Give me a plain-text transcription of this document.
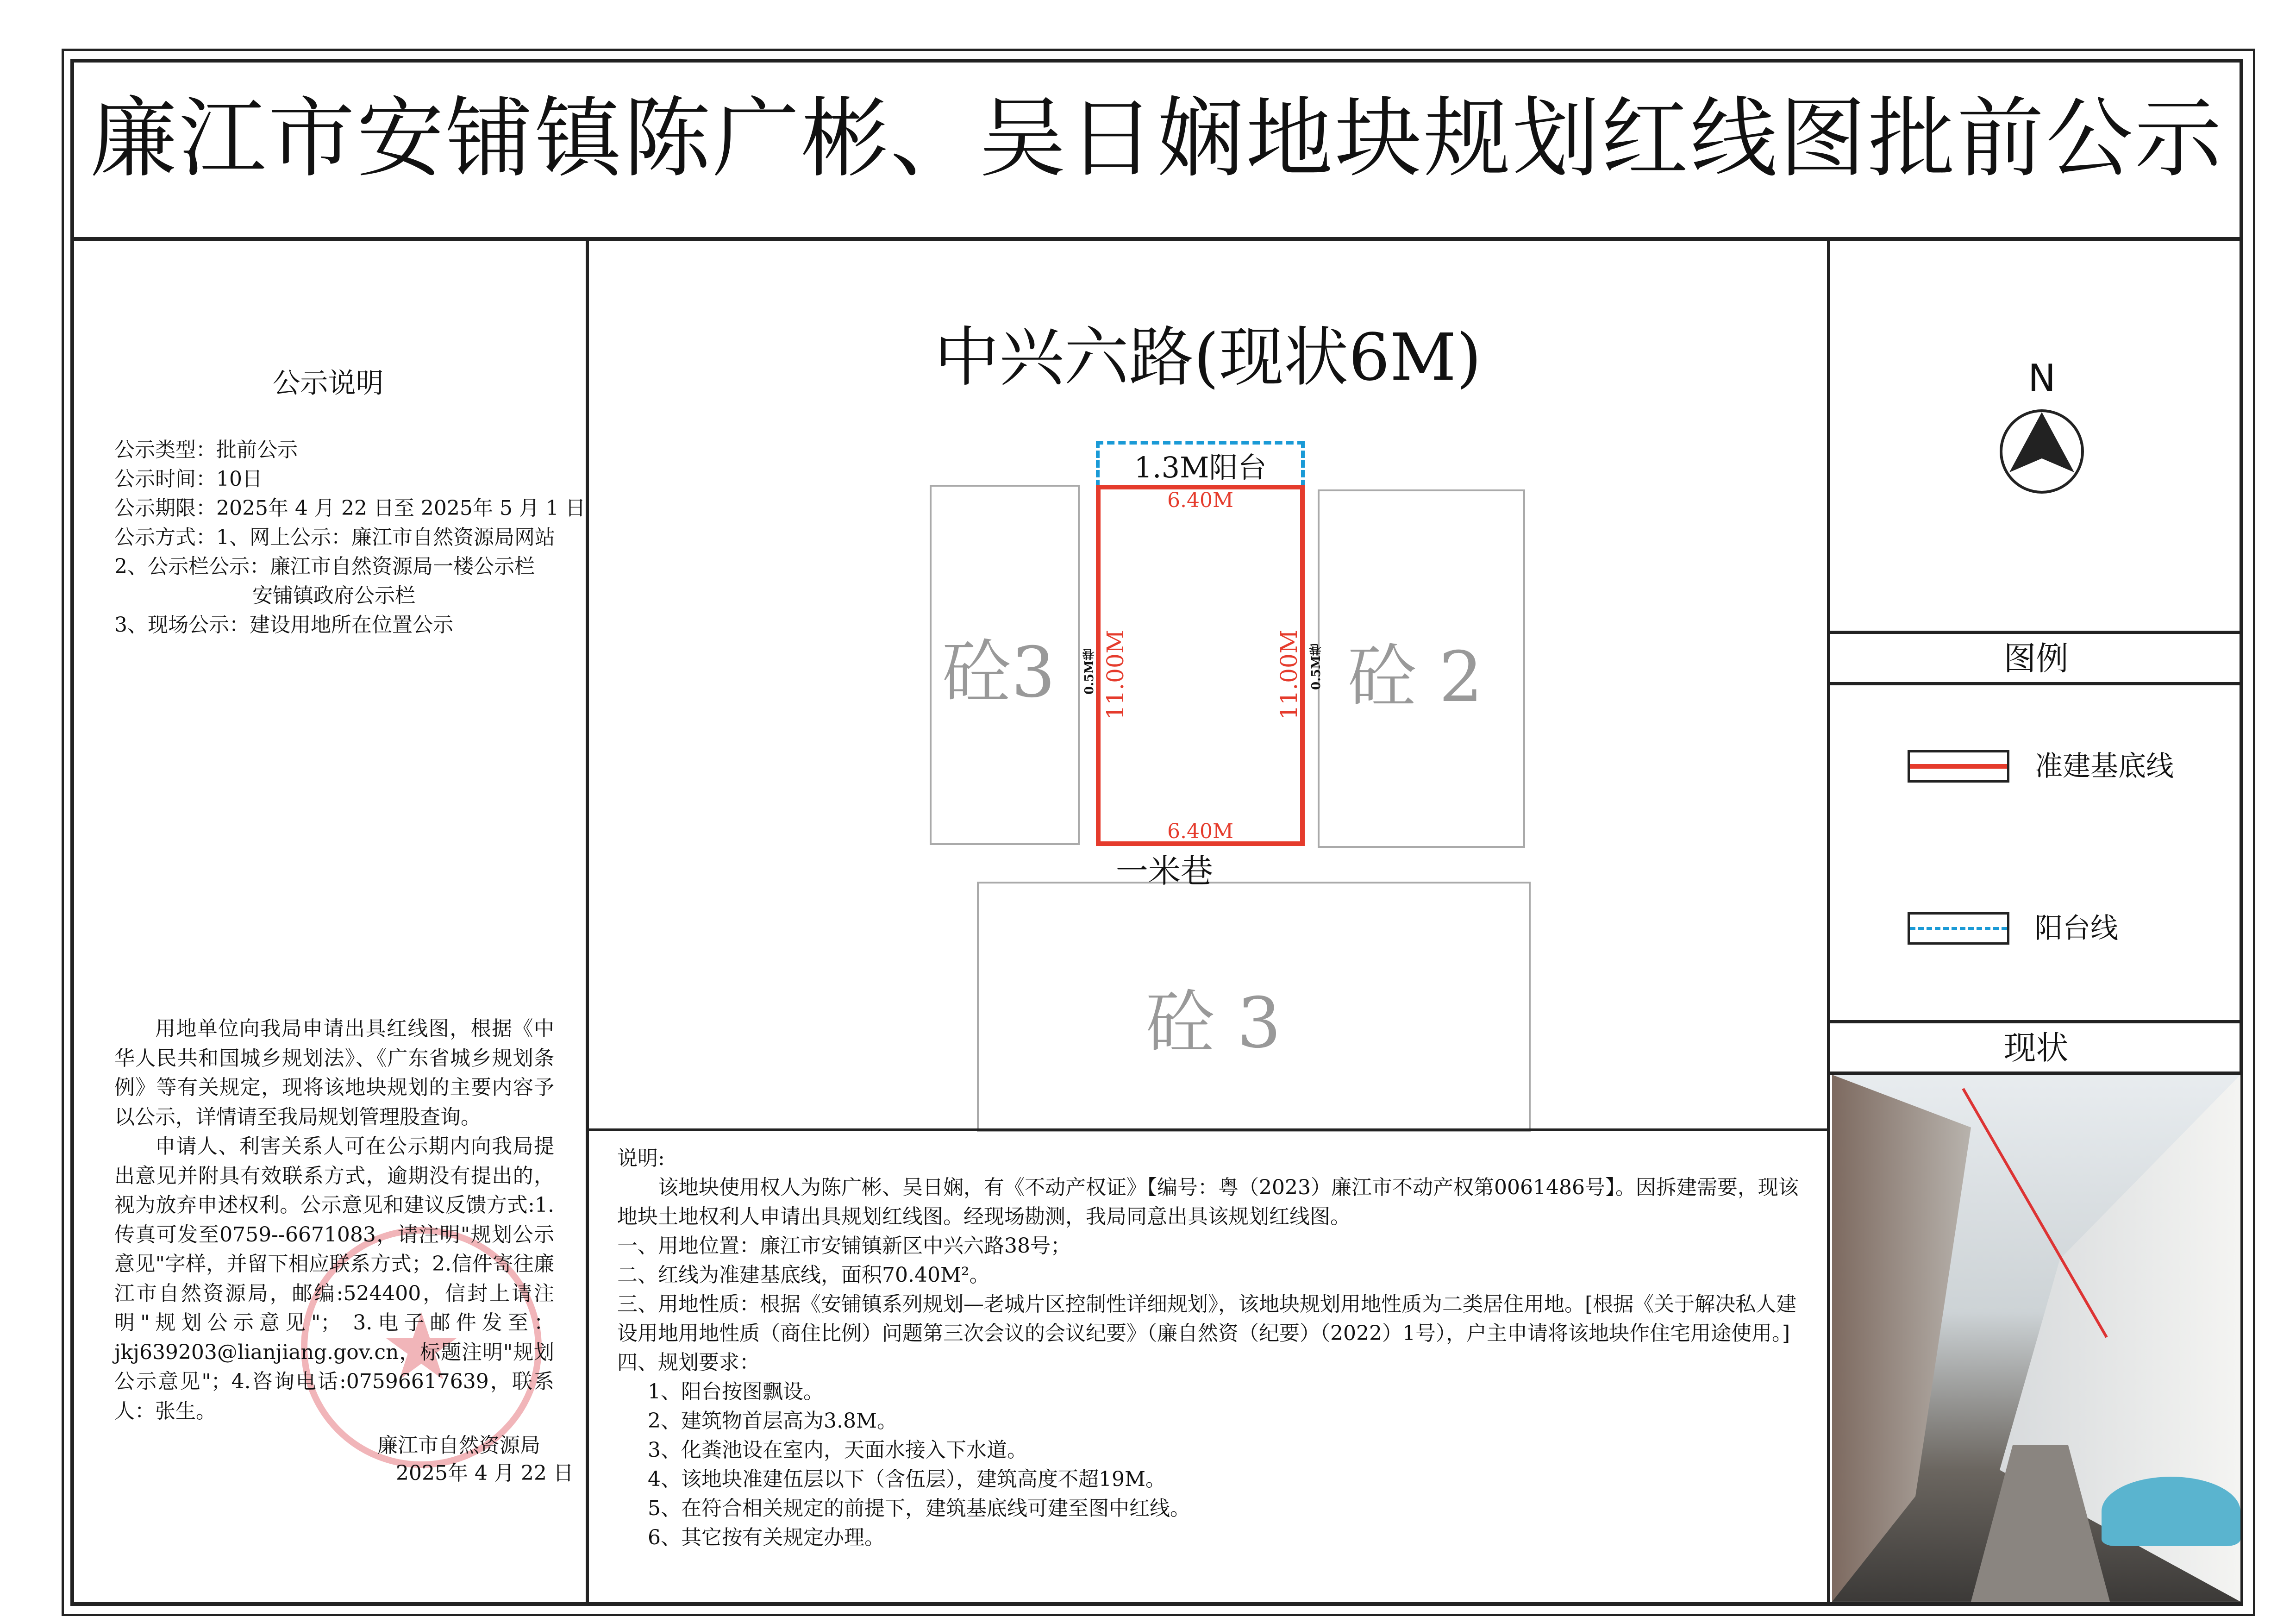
廉江市安铺镇陈广彬、吴日娴地块规划红线图批前公示
公示说明
公示类型：批前公示
公示时间：10日
公示期限：2025年 4 月 22 日至 2025年 5 月 1 日
公示方式：1、网上公示：廉江市自然资源局网站
2、公示栏公示：廉江市自然资源局一楼公示栏
安铺镇政府公示栏
3、现场公示：建设用地所在位置公示
★

用地单位向我局申请出具红线图，根据《中华人民共和国城乡规划法》、《广东省城乡规划条例》等有关规定，现将该地块规划的主要内容予以公示，详情请至我局规划管理股查询。

申请人、利害关系人可在公示期内向我局提出意见并附具有效联系方式，逾期没有提出的，视为放弃申述权利。公示意见和建议反馈方式:1.传真可发至0759--6671083，请注明"规划公示意见"字样，并留下相应联系方式；2.信件寄往廉江市自然资源局，邮编:524400，信封上请注明"规划公示意见"； 3.电子邮件发至：jkj639203@lianjiang.gov.cn，标题注明"规划公示意见"；4.咨询电话:07596617639，联系人：张生。

廉江市自然资源局
2025年 4 月 22 日
中兴六路(现状6M)
砼3	砼 2
砼 3
1.3M阳台
6.40M
6.40M
11.00M	11.00M
0.5M巷	0.5M巷
一米巷

说明:

该地块使用权人为陈广彬、吴日娴，有《不动产权证》【编号：粤（2023）廉江市不动产权第0061486号】。因拆建需要，现该地块土地权利人申请出具规划红线图。经现场勘测，我局同意出具该规划红线图。

一、用地位置：廉江市安铺镇新区中兴六路38号；

二、红线为准建基底线，面积70.40M²。

三、用地性质：根据《安铺镇系列规划—老城片区控制性详细规划》，该地块规划用地性质为二类居住用地。[根据《关于解决私人建设用地用地性质（商住比例）问题第三次会议的会议纪要》（廉自然资（纪要）（2022）1号），户主申请将该地块作住宅用途使用。]

四、规划要求：

1、阳台按图飘设。

2、建筑物首层高为3.8M。

3、化粪池设在室内，天面水接入下水道。

4、该地块准建伍层以下（含伍层），建筑高度不超19M。

5、在符合相关规定的前提下，建筑基底线可建至图中红线。

6、其它按有关规定办理。

N
图例
准建基底线
阳台线
现状
